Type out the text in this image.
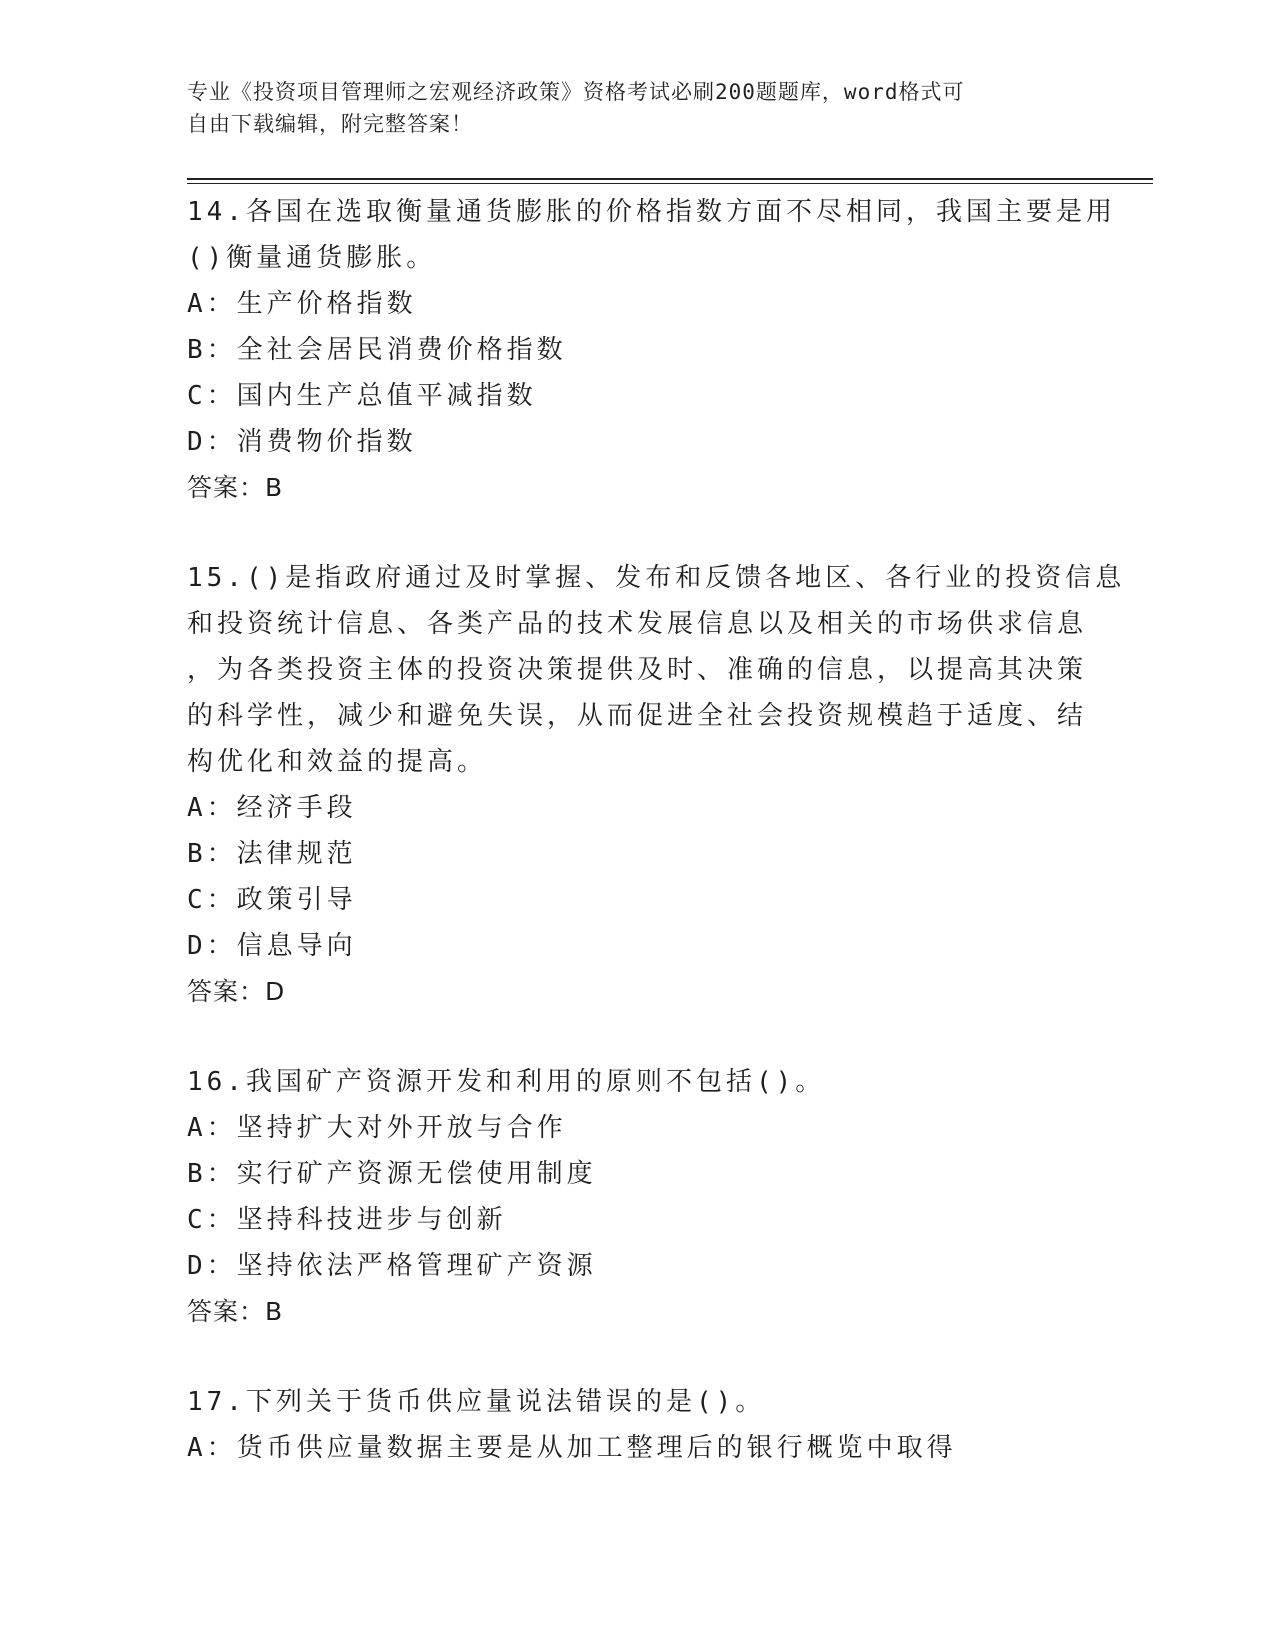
专业《投资项目管理师之宏观经济政策》资格考试必刷200题题库，word格式可
自由下载编辑，附完整答案！
14.各国在选取衡量通货膨胀的价格指数方面不尽相同，我国主要是用
()衡量通货膨胀。
A：生产价格指数
B：全社会居民消费价格指数
C：国内生产总值平减指数
D：消费物价指数
答案：B
15.()是指政府通过及时掌握、发布和反馈各地区、各行业的投资信息
和投资统计信息、各类产品的技术发展信息以及相关的市场供求信息
，为各类投资主体的投资决策提供及时、准确的信息，以提高其决策
的科学性，减少和避免失误，从而促进全社会投资规模趋于适度、结
构优化和效益的提高。
A：经济手段
B：法律规范
C：政策引导
D：信息导向
答案：D
16.我国矿产资源开发和利用的原则不包括()。
A：坚持扩大对外开放与合作
B：实行矿产资源无偿使用制度
C：坚持科技进步与创新
D：坚持依法严格管理矿产资源
答案：B
17.下列关于货币供应量说法错误的是()。
A：货币供应量数据主要是从加工整理后的银行概览中取得
